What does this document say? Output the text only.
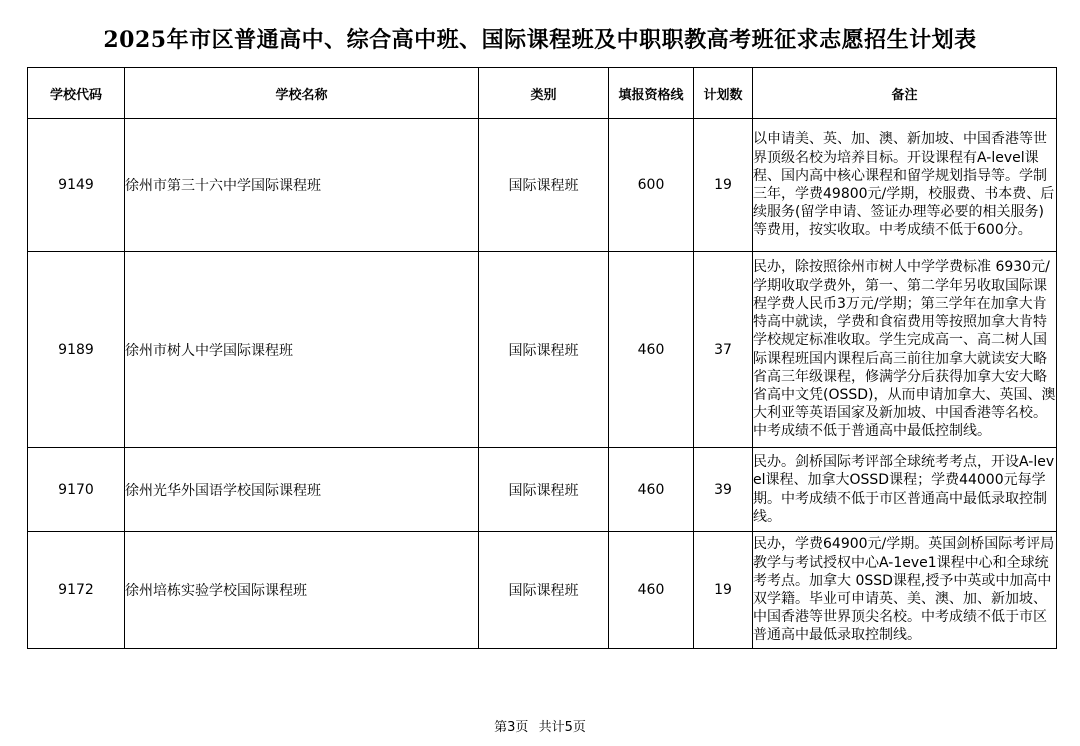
2025年市区普通高中、综合高中班、国际课程班及中职职教高考班征求志愿招生计划表
学校代码	学校名称	类别	填报资格线	计划数	备注
9149	徐州市第三十六中学国际课程班	国际课程班	600	19	以申请美、英、加、澳、新加坡、中国香港等世界顶级名校为培养目标。开设课程有A-level课程、国内高中核心课程和留学规划指导等。学制三年，学费49800元/学期，校服费、书本费、后续服务(留学申请、签证办理等必要的相关服务)等费用，按实收取。中考成绩不低于600分。
9189	徐州市树人中学国际课程班	国际课程班	460	37	民办，除按照徐州市树人中学学费标准 6930元/学期收取学费外，第一、第二学年另收取国际课程学费人民币3万元/学期；第三学年在加拿大肯特高中就读，学费和食宿费用等按照加拿大肯特学校规定标准收取。学生完成高一、高二树人国际课程班国内课程后高三前往加拿大就读安大略省高三年级课程，修满学分后获得加拿大安大略省高中文凭(OSSD)，从而申请加拿大、英国、澳大利亚等英语国家及新加坡、中国香港等名校。中考成绩不低于普通高中最低控制线。
9170	徐州光华外国语学校国际课程班	国际课程班	460	39	民办。剑桥国际考评部全球统考考点，开设A-level课程、加拿大OSSD课程；学费44000元每学期。中考成绩不低于市区普通高中最低录取控制线。
9172	徐州培栋实验学校国际课程班	国际课程班	460	19	民办，学费64900元/学期。英国剑桥国际考评局教学与考试授权中心A-1eve1课程中心和全球统考考点。加拿大 0SSD课程,授予中英或中加高中双学籍。毕业可申请英、美、澳、加、新加坡、中国香港等世界顶尖名校。中考成绩不低于市区普通高中最低录取控制线。
第3页 共计5页
